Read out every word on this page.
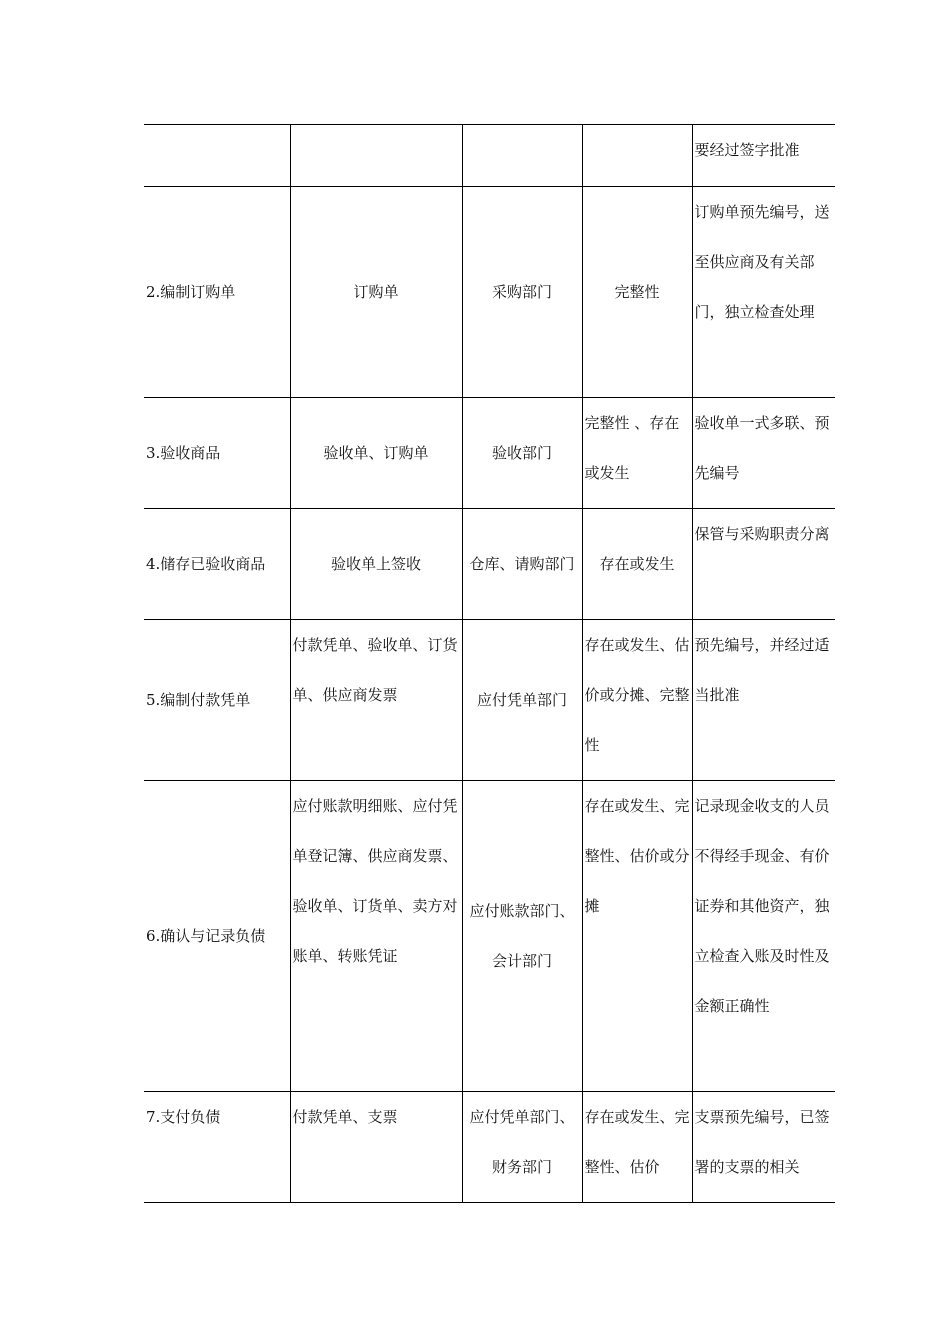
				要经过签字批准
2.编制订购单	订购单	采购部门	完整性	订购单预先编号，送至供应商及有关部门，独立检查处理
3.验收商品	验收单、订购单	验收部门	完整性 、存在或发生	验收单一式多联、预先编号
4.储存已验收商品	验收单上签收	仓库、请购部门	存在或发生	保管与采购职责分离
5.编制付款凭单	付款凭单、验收单、订货单、供应商发票	应付凭单部门	存在或发生、估价或分摊、完整性	预先编号，并经过适当批准
6.确认与记录负债	应付账款明细账、应付凭单登记簿、供应商发票、验收单、订货单、卖方对账单、转账凭证	应付账款部门、会计部门	存在或发生、完整性、估价或分摊	记录现金收支的人员不得经手现金、有价证券和其他资产，独立检查入账及时性及金额正确性
7.支付负债	付款凭单、支票	应付凭单部门、财务部门	存在或发生、完整性、估价	支票预先编号，已签署的支票的相关
